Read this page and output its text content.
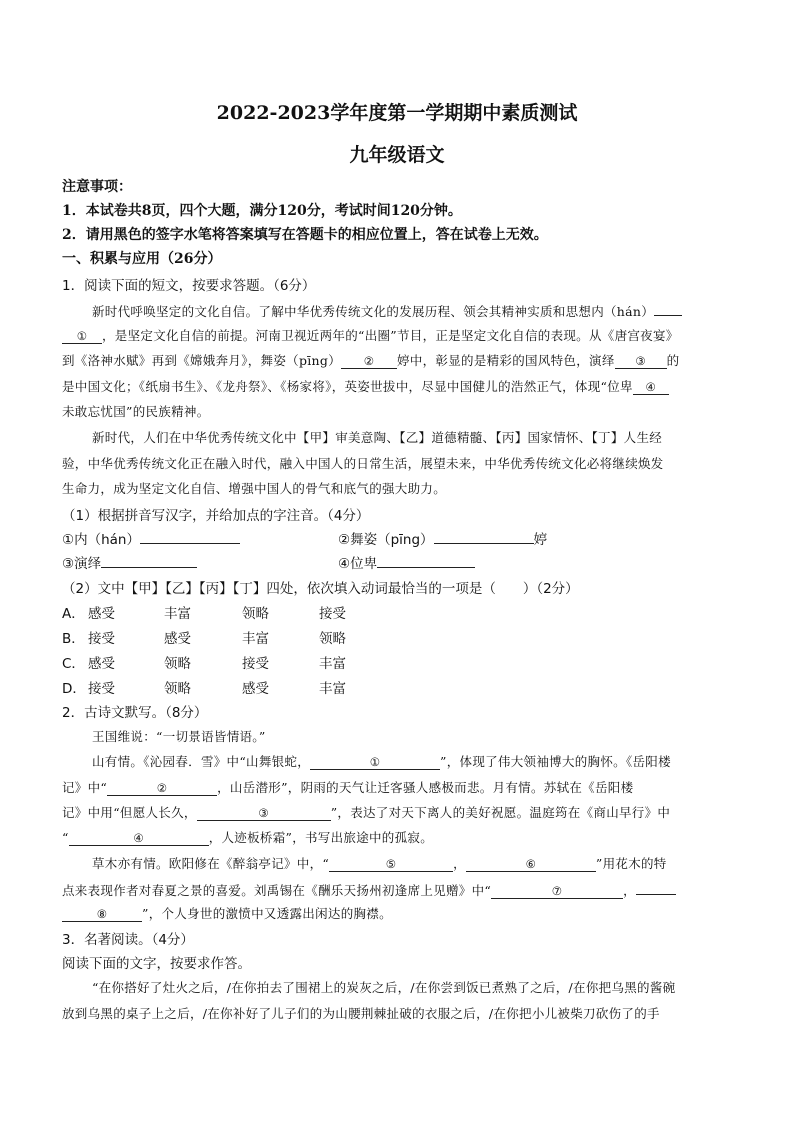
2022-2023学年度第一学期期中素质测试
九年级语文
注意事项：
1．本试卷共8页，四个大题，满分120分，考试时间120分钟。
2．请用黑色的签字水笔将答案填写在答题卡的相应位置上，答在试卷上无效。
一、积累与应用（26分）
1．阅读下面的短文，按要求答题。（6分）
新时代呼唤坚定的文化自信。了解中华优秀传统文化的发展历程、领会其精神实质和思想内（hán）
① ，是坚定文化自信的前提。河南卫视近两年的“出圈”节目，正是坚定文化自信的表现。从《唐宫夜宴》
到《洛神水赋》再到《嫦娥奔月》，舞姿（pīng） ② 婷中，彰显的是精彩的国风特色，演绎 ③ 的
是中国文化；《纸扇书生》、《龙舟祭》、《杨家将》，英姿世拔中，尽显中国健儿的浩然正气，体现“位卑 ④
未敢忘忧国”的民族精神。
新时代，人们在中华优秀传统文化中【甲】审美意陶、【乙】道德精髓、【丙】国家情怀、【丁】人生经
验，中华优秀传统文化正在融入时代，融入中国人的日常生活，展望未来，中华优秀传统文化必将继续焕发
生命力，成为坚定文化自信、增强中国人的骨气和底气的强大助力。
（1）根据拼音写汉字，并给加点的字注音。（4分）
①内（hán）	②舞姿（pīng）	婷
③演绎	④位卑
（2）文中【甲】【乙】【丙】【丁】四处，依次填入动词最恰当的一项是（　　）（2分）
A． 感受	丰富	领略	接受
B． 接受	感受	丰富	领略
C． 感受	领略	接受	丰富
D． 接受	领略	感受	丰富
2．古诗文默写。（8分）
王国维说：“一切景语皆情语。”
山有情。《沁园春．雪》中“山舞银蛇，	①	”，体现了伟大领袖博大的胸怀。《岳阳楼
记》中“	②	，山岳潜形”，阴雨的天气让迁客骚人感极而悲。月有情。苏轼在《岳阳楼
记》中用“但愿人长久，	③	”，表达了对天下离人的美好祝愿。温庭筠在《商山早行》中
“	④	，人迹板桥霜”，书写出旅途中的孤寂。
草木亦有情。欧阳修在《醉翁亭记》中，“	⑤	，	⑥	”用花木的特
点来表现作者对春夏之景的喜爱。刘禹锡在《酬乐天扬州初逢席上见赠》中“	⑦	，
⑧	”，个人身世的激愤中又透露出闲达的胸襟。
3．名著阅读。（4分）
阅读下面的文字，按要求作答。
“在你搭好了灶火之后，/在你拍去了围裙上的炭灰之后，/在你尝到饭已煮熟了之后，/在你把乌黑的酱碗
放到乌黑的桌子上之后，/在你补好了儿子们的为山腰荆棘扯破的衣服之后，/在你把小儿被柴刀砍伤了的手
